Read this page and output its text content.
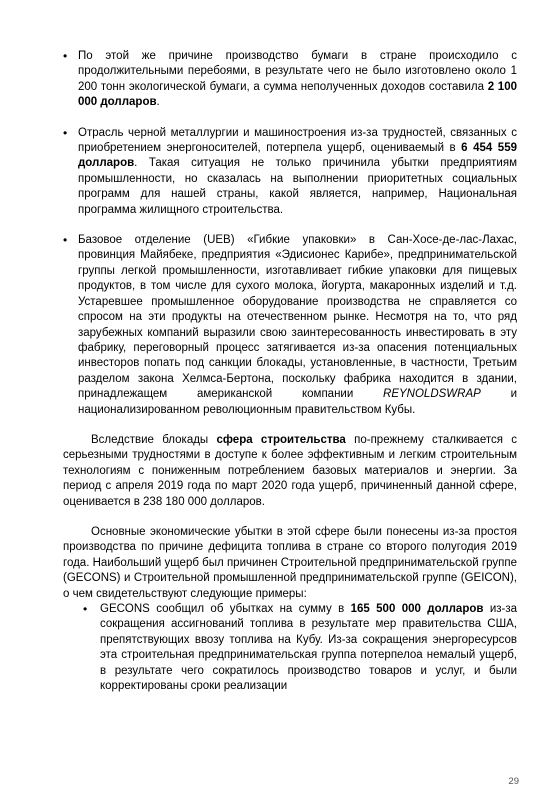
•
По этой же причине производство бумаги в стране происходило с продолжительными перебоями, в результате чего не было изготовлено около 1 200 тонн экологической бумаги, а сумма неполученных доходов составила 2 100 000 долларов.
•
Отрасль черной металлургии и машиностроения из-за трудностей, связанных с приобретением энергоносителей, потерпела ущерб, оцениваемый в 6 454 559 долларов. Такая ситуация не только причинила убытки предприятиям промышленности, но сказалась на выполнении приоритетных социальных программ для нашей страны, какой является, например, Национальная программа жилищного строительства.
•
Базовое отделение (UEB) «Гибкие упаковки» в Сан-Хосе-де-лас-Лахас, провинция Майябеке, предприятия «Эдисионес Карибе», предпринимательской группы легкой промышленности, изготавливает гибкие упаковки для пищевых продуктов, в том числе для сухого молока, йогурта, макаронных изделий и т.д. Устаревшее промышленное оборудование производства не справляется со спросом на эти продукты на отечественном рынке. Несмотря на то, что ряд зарубежных компаний выразили свою заинтересованность инвестировать в эту фабрику, переговорный процесс затягивается из-за опасения потенциальных инвесторов попать под санкции блокады, установленные, в частности, Третьим разделом закона Хелмса-Бертона, поскольку фабрика находится в здании, принадлежащем американской компании REYNOLDSWRAP и национализированном революционным правительством Кубы.

Вследствие блокады сфера строительства по-прежнему сталкивается с серьезными трудностями в доступе к более эффективным и легким строительным технологиям с пониженным потреблением базовых материалов и энергии. За период с апреля 2019 года по март 2020 года ущерб, причиненный данной сфере, оценивается в 238 180 000 долларов.

Основные экономические убытки в этой сфере были понесены из-за простоя производства по причине дефицита топлива в стране со второго полугодия 2019 года. Наибольший ущерб был причинен Строительной предпринимательской группе (GECONS) и Строительной промышленной предпринимательской группе (GEICON), о чем свидетельствуют следующие примеры:

•
GECONS сообщил об убытках на сумму в 165 500 000 долларов из-за сокращения ассигнований топлива в результате мер правительства США, препятствующих ввозу топлива на Кубу. Из-за сокращения энергоресурсов эта строительная предпринимательская группа потерпелоа немалый ущерб, в результате чего сократилось производство товаров и услуг, и были корректированы сроки реализации
29
